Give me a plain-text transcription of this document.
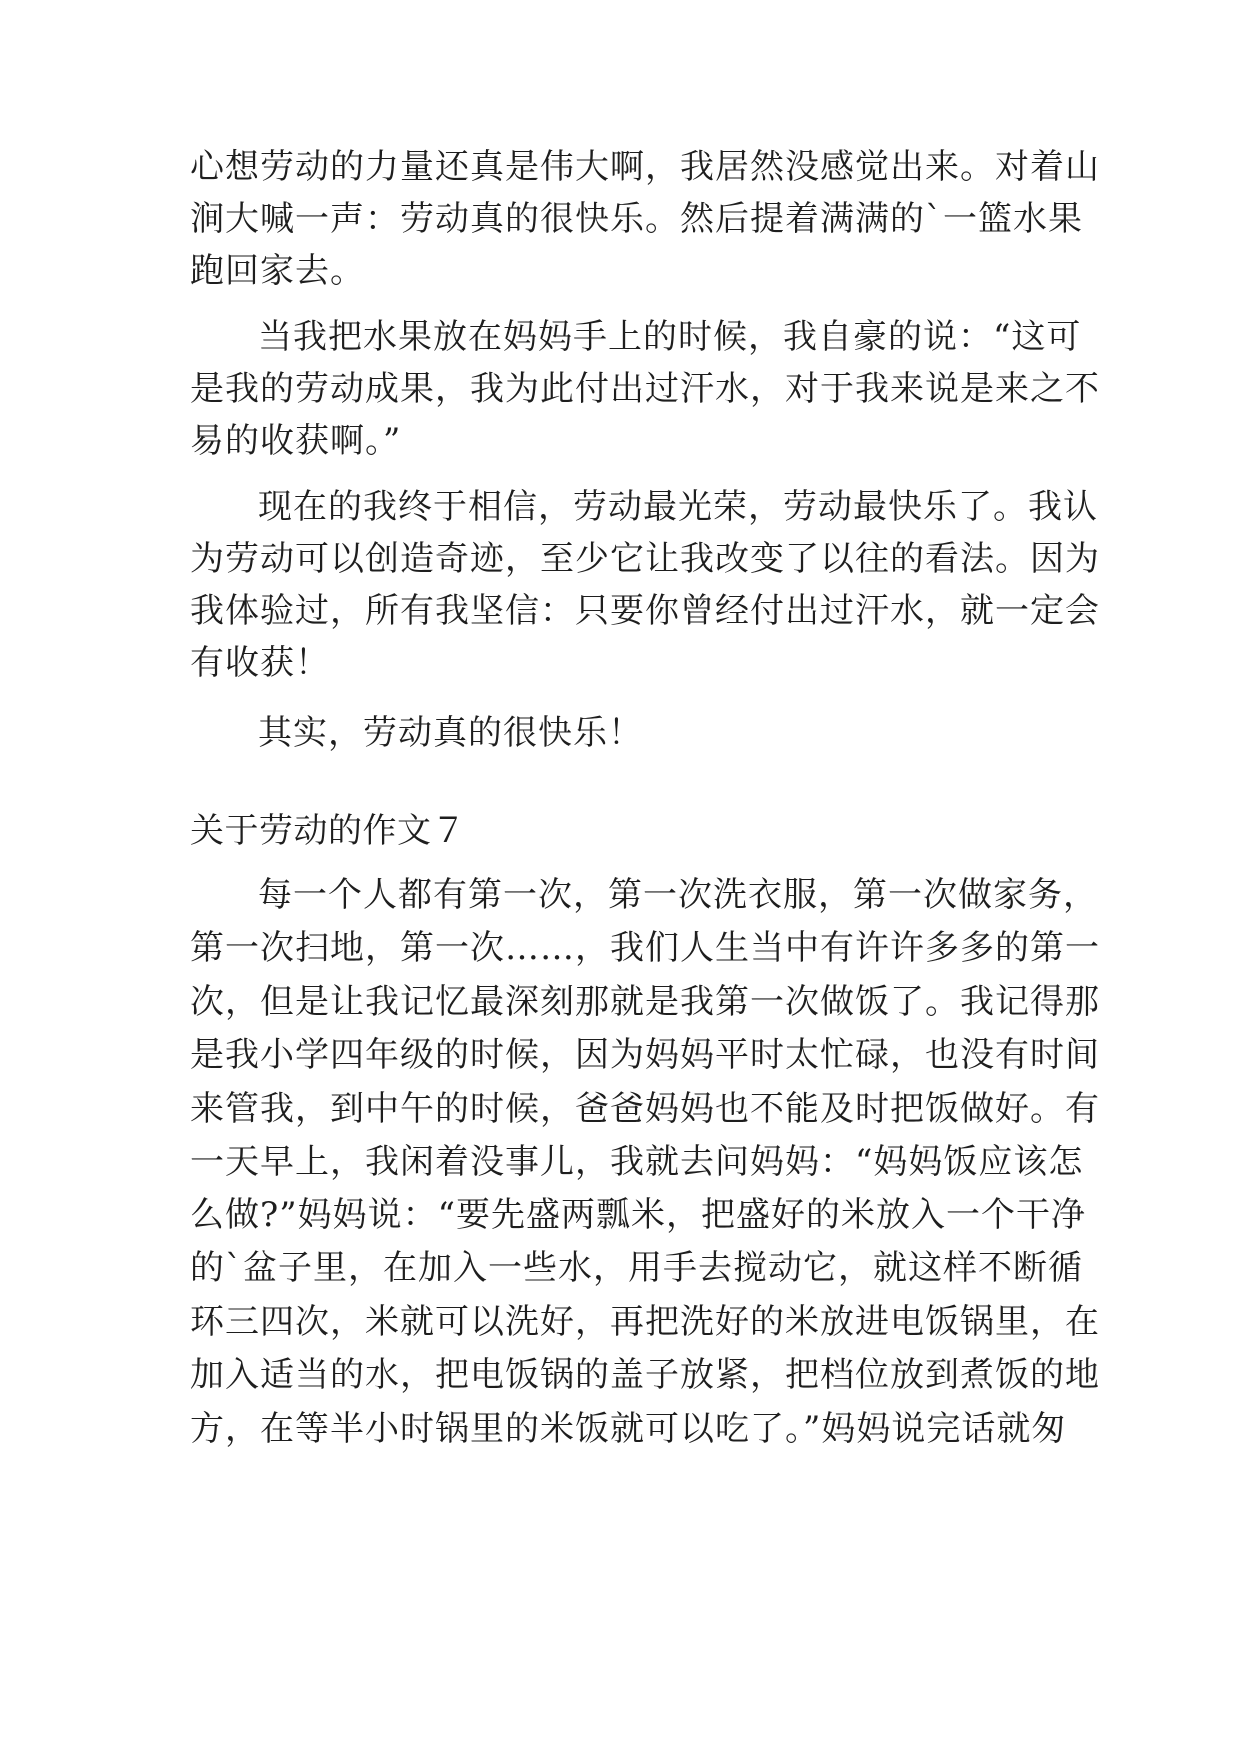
心想劳动的力量还真是伟大啊，我居然没感觉出来。对着山
涧大喊一声：劳动真的很快乐。然后提着满满的`一篮水果
跑回家去。
当我把水果放在妈妈手上的时候，我自豪的说：“这可
是我的劳动成果，我为此付出过汗水，对于我来说是来之不
易的收获啊。”
现在的我终于相信，劳动最光荣，劳动最快乐了。我认
为劳动可以创造奇迹，至少它让我改变了以往的看法。因为
我体验过，所有我坚信：只要你曾经付出过汗水，就一定会
有收获！
其实，劳动真的很快乐！
关于劳动的作文７
每一个人都有第一次，第一次洗衣服，第一次做家务，
第一次扫地，第一次……，我们人生当中有许许多多的第一
次，但是让我记忆最深刻那就是我第一次做饭了。我记得那
是我小学四年级的时候，因为妈妈平时太忙碌，也没有时间
来管我，到中午的时候，爸爸妈妈也不能及时把饭做好。有
一天早上，我闲着没事儿，我就去问妈妈：“妈妈饭应该怎
么做?”妈妈说：“要先盛两瓢米，把盛好的米放入一个干净
的`盆子里，在加入一些水，用手去搅动它，就这样不断循
环三四次，米就可以洗好，再把洗好的米放进电饭锅里，在
加入适当的水，把电饭锅的盖子放紧，把档位放到煮饭的地
方，在等半小时锅里的米饭就可以吃了。”妈妈说完话就匆
